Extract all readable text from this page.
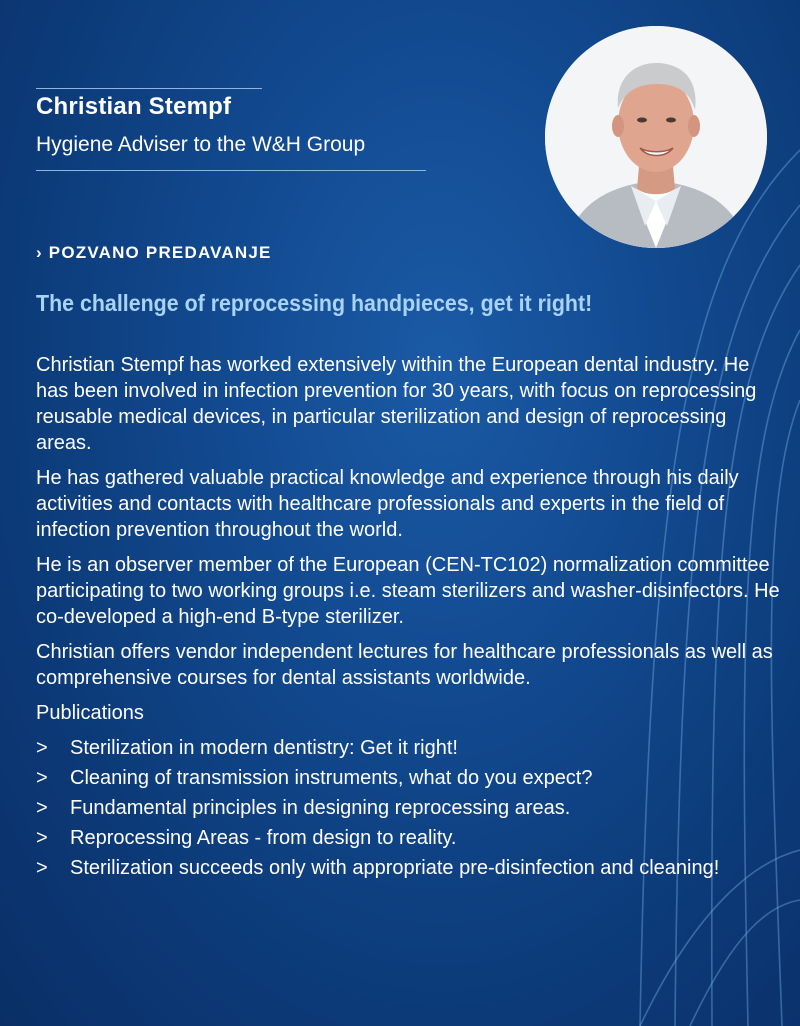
Christian Stempf
Hygiene Adviser to the W&H Group
› POZVANO PREDAVANJE
The challenge of reprocessing handpieces, get it right!

Christian Stempf has worked extensively within the European dental industry. He has been involved in infection prevention for 30 years, with focus on reprocessing reusable medical devices, in particular sterilization and design of reprocessing areas.

He has gathered valuable practical knowledge and experience through his daily activities and contacts with healthcare professionals and experts in the field of infection prevention throughout the world.

He is an observer member of the European (CEN-TC102) normalization committee participating to two working groups i.e. steam sterilizers and washer-disinfectors. He co-developed a high-end B-type sterilizer.

Christian offers vendor independent lectures for healthcare professionals as well as comprehensive courses for dental assistants worldwide.

Publications
> Sterilization in modern dentistry: Get it right!
> Cleaning of transmission instruments, what do you expect?
> Fundamental principles in designing reprocessing areas.
> Reprocessing Areas - from design to reality.
> Sterilization succeeds only with appropriate pre-disinfection and cleaning!
